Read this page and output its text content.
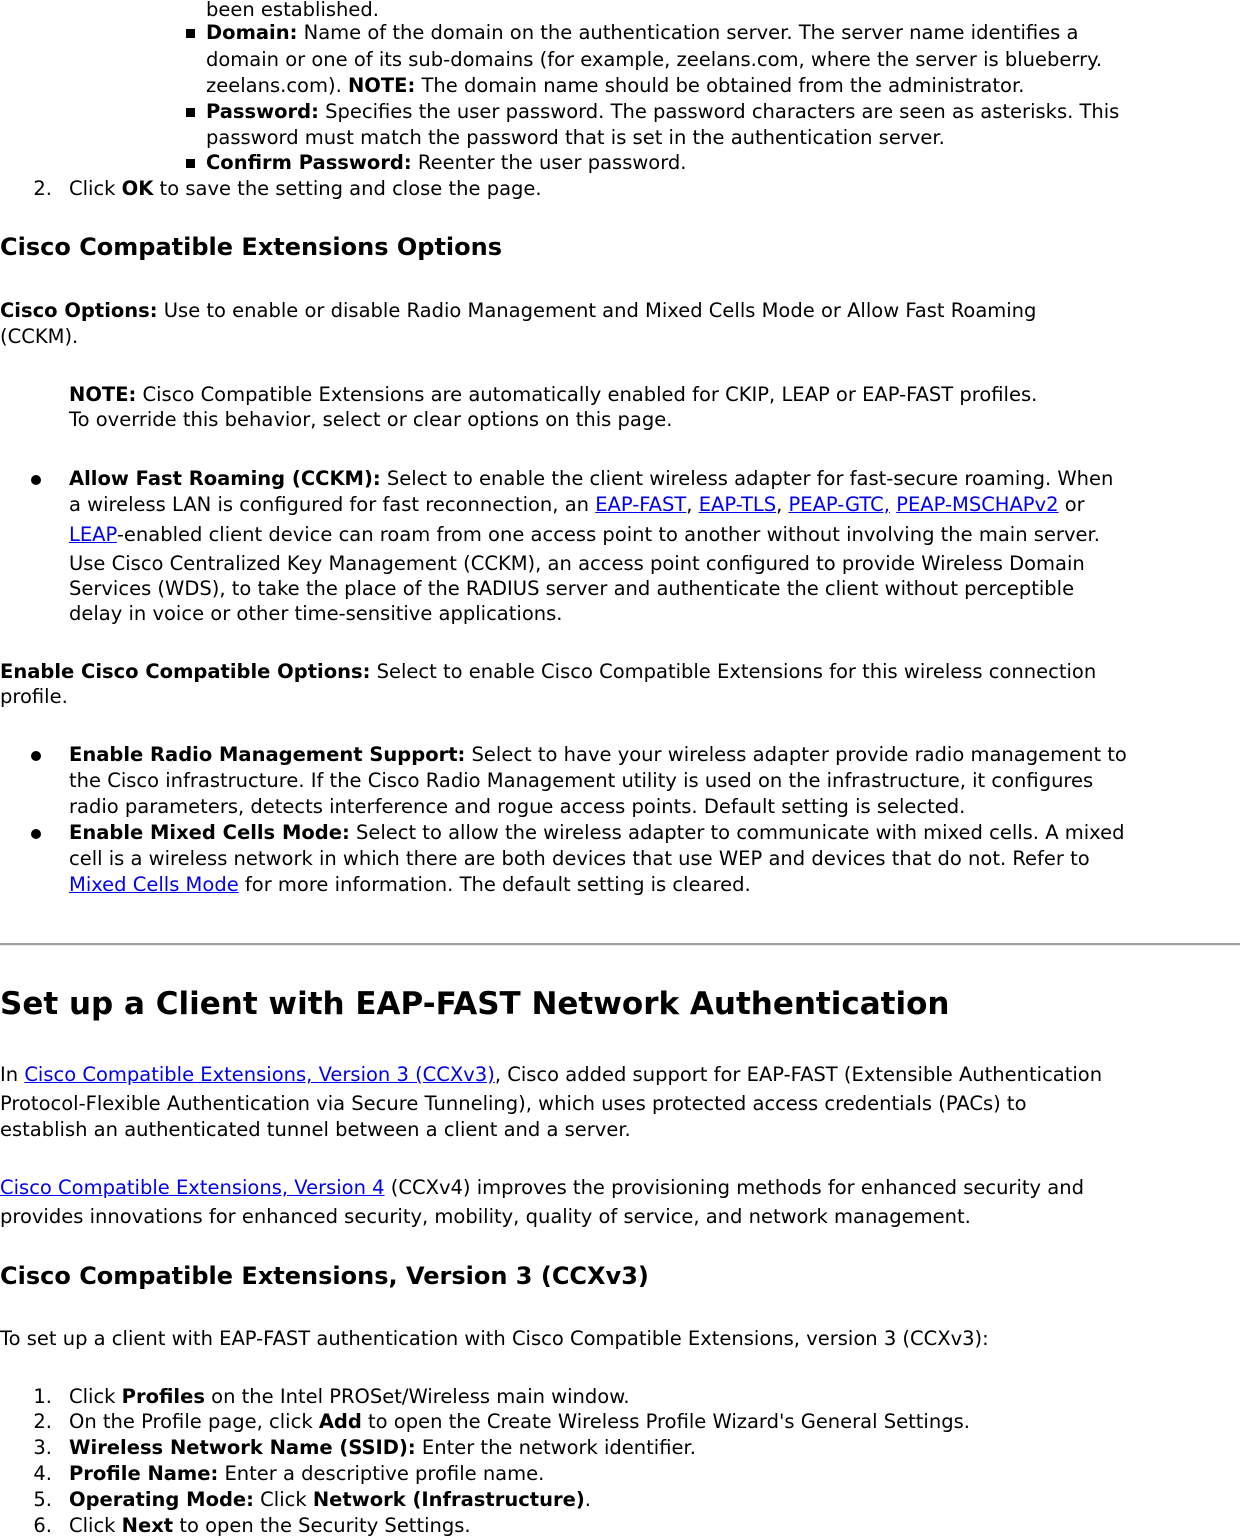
been established.
Domain: Name of the domain on the authentication server. The server name identifies a
domain or one of its sub-domains (for example, zeelans.com, where the server is blueberry.
zeelans.com). NOTE: The domain name should be obtained from the administrator.
Password: Specifies the user password. The password characters are seen as asterisks. This
password must match the password that is set in the authentication server.
Confirm Password: Reenter the user password.
2. Click OK to save the setting and close the page.
Cisco Compatible Extensions Options
Cisco Options: Use to enable or disable Radio Management and Mixed Cells Mode or Allow Fast Roaming
(CCKM).
NOTE: Cisco Compatible Extensions are automatically enabled for CKIP, LEAP or EAP-FAST profiles.
To override this behavior, select or clear options on this page.
Allow Fast Roaming (CCKM): Select to enable the client wireless adapter for fast-secure roaming. When
a wireless LAN is configured for fast reconnection, an EAP-FAST, EAP-TLS, PEAP-GTC, PEAP-MSCHAPv2 or
LEAP-enabled client device can roam from one access point to another without involving the main server.
Use Cisco Centralized Key Management (CCKM), an access point configured to provide Wireless Domain
Services (WDS), to take the place of the RADIUS server and authenticate the client without perceptible
delay in voice or other time-sensitive applications.
Enable Cisco Compatible Options: Select to enable Cisco Compatible Extensions for this wireless connection
profile.
Enable Radio Management Support: Select to have your wireless adapter provide radio management to
the Cisco infrastructure. If the Cisco Radio Management utility is used on the infrastructure, it configures
radio parameters, detects interference and rogue access points. Default setting is selected.
Enable Mixed Cells Mode: Select to allow the wireless adapter to communicate with mixed cells. A mixed
cell is a wireless network in which there are both devices that use WEP and devices that do not. Refer to
Mixed Cells Mode for more information. The default setting is cleared.
Set up a Client with EAP-FAST Network Authentication
In Cisco Compatible Extensions, Version 3 (CCXv3), Cisco added support for EAP-FAST (Extensible Authentication
Protocol-Flexible Authentication via Secure Tunneling), which uses protected access credentials (PACs) to
establish an authenticated tunnel between a client and a server.
Cisco Compatible Extensions, Version 4 (CCXv4) improves the provisioning methods for enhanced security and
provides innovations for enhanced security, mobility, quality of service, and network management.
Cisco Compatible Extensions, Version 3 (CCXv3)
To set up a client with EAP-FAST authentication with Cisco Compatible Extensions, version 3 (CCXv3):
1. Click Profiles on the Intel PROSet/Wireless main window.
2. On the Profile page, click Add to open the Create Wireless Profile Wizard's General Settings.
3. Wireless Network Name (SSID): Enter the network identifier.
4. Profile Name: Enter a descriptive profile name.
5. Operating Mode: Click Network (Infrastructure).
6. Click Next to open the Security Settings.
